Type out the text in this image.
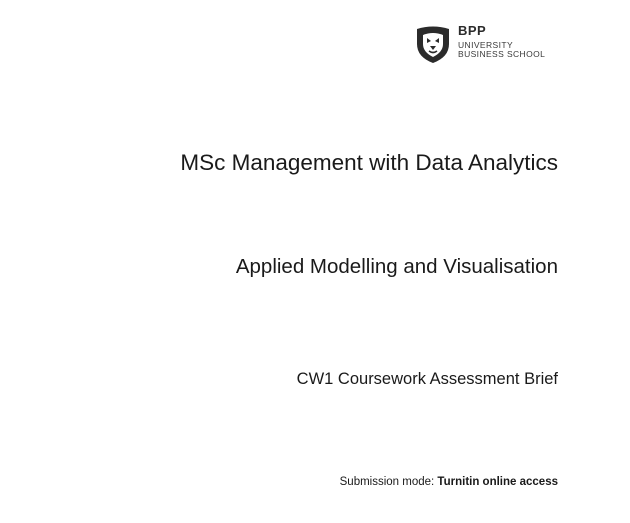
BPP
UNIVERSITY
BUSINESS SCHOOL
MSc Management with Data Analytics
Applied Modelling and Visualisation
CW1 Coursework Assessment Brief
Submission mode: Turnitin online access
